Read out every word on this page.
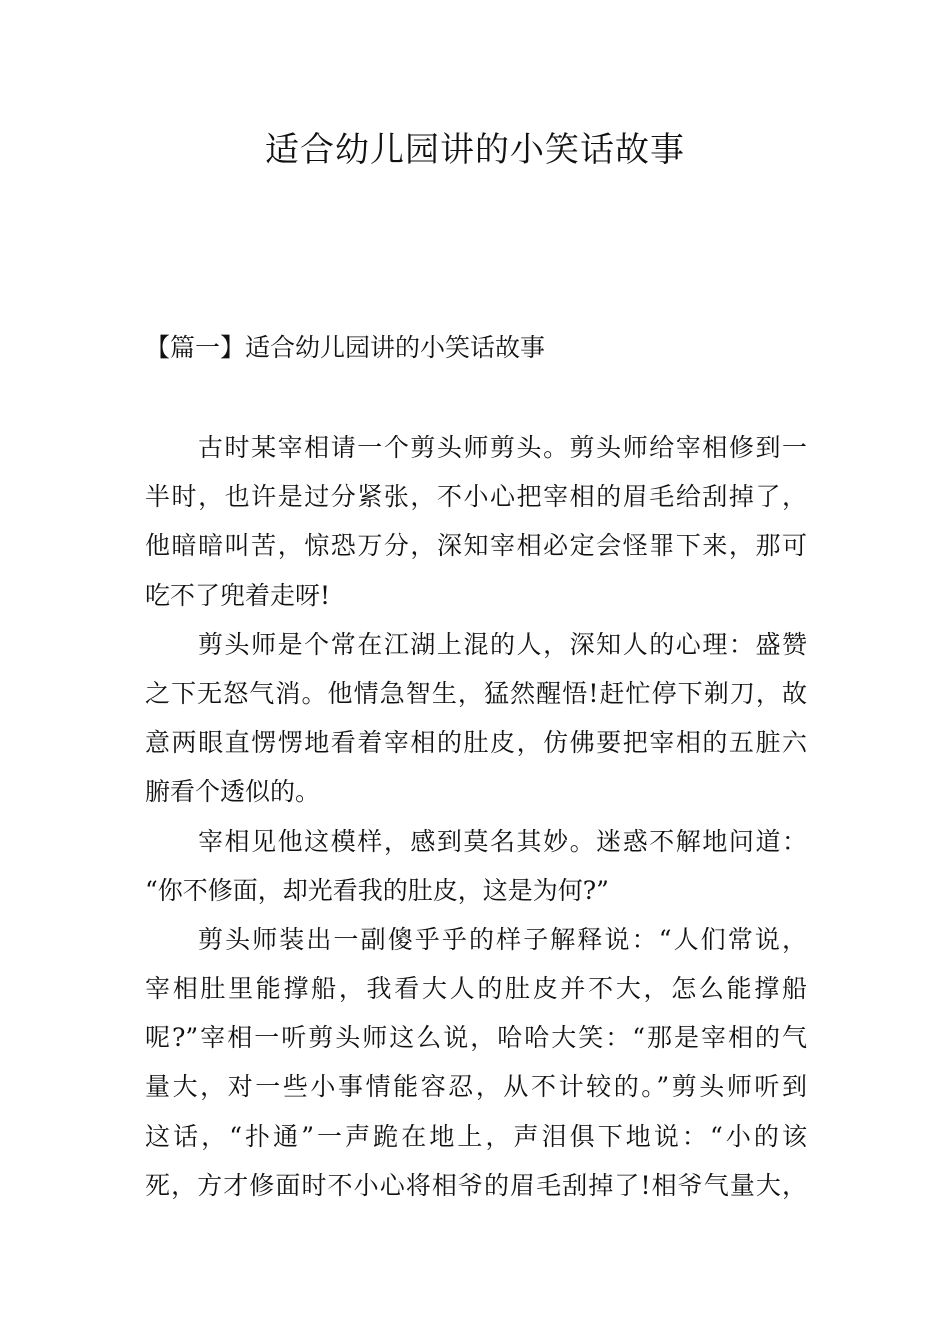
适合幼儿园讲的小笑话故事
【篇一】适合幼儿园讲的小笑话故事
古时某宰相请一个剪头师剪头。剪头师给宰相修到一
半时，也许是过分紧张，不小心把宰相的眉毛给刮掉了，
他暗暗叫苦，惊恐万分，深知宰相必定会怪罪下来，那可
吃不了兜着走呀!
剪头师是个常在江湖上混的人，深知人的心理：盛赞
之下无怒气消。他情急智生，猛然醒悟!赶忙停下剃刀，故
意两眼直愣愣地看着宰相的肚皮，仿佛要把宰相的五脏六
腑看个透似的。
宰相见他这模样，感到莫名其妙。迷惑不解地问道：
“你不修面，却光看我的肚皮，这是为何?”
剪头师装出一副傻乎乎的样子解释说：“人们常说，
宰相肚里能撑船，我看大人的肚皮并不大，怎么能撑船
呢?”宰相一听剪头师这么说，哈哈大笑：“那是宰相的气
量大，对一些小事情能容忍，从不计较的。”剪头师听到
这话，“扑通”一声跪在地上，声泪俱下地说：“小的该
死，方才修面时不小心将相爷的眉毛刮掉了!相爷气量大，
